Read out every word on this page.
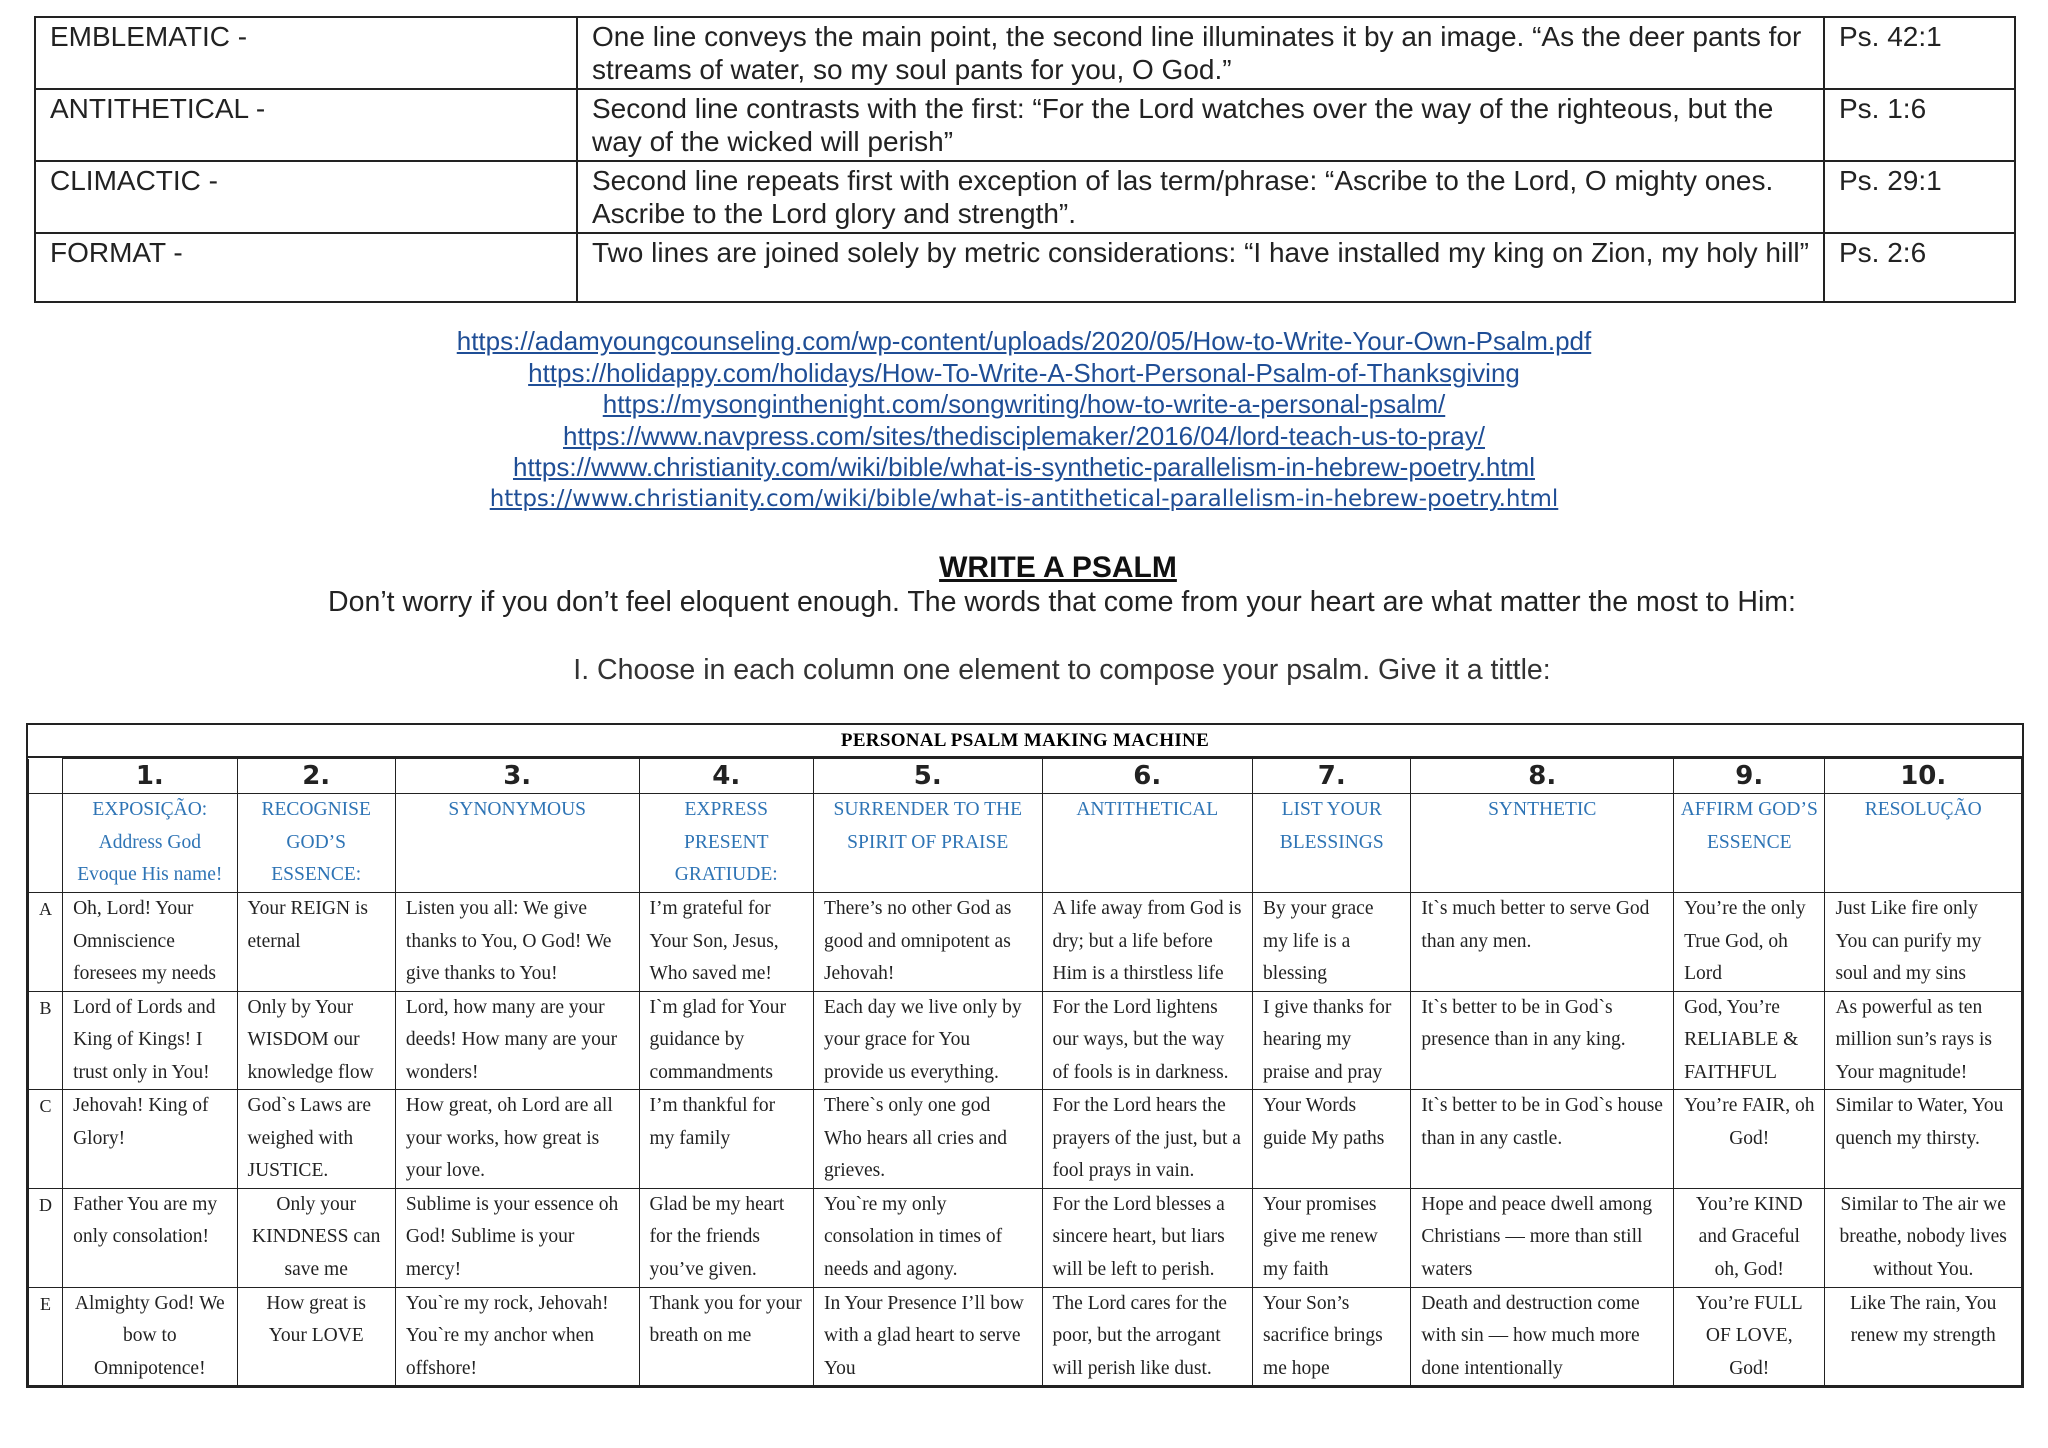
EMBLEMATIC -	One line conveys the main point, the second line illuminates it by an image. “As the deer pants for streams of water, so my soul pants for you, O God.”	Ps. 42:1
ANTITHETICAL -	Second line contrasts with the first: “For the Lord watches over the way of the righteous, but the way of the wicked will perish”	Ps. 1:6
CLIMACTIC -	Second line repeats first with exception of las term/phrase: “Ascribe to the Lord, O mighty ones. Ascribe to the Lord glory and strength”.	Ps. 29:1
FORMAT -	Two lines are joined solely by metric considerations: “I have installed my king on Zion, my holy hill”	Ps. 2:6
https://adamyoungcounseling.com/wp-content/uploads/2020/05/How-to-Write-Your-Own-Psalm.pdf
https://holidappy.com/holidays/How-To-Write-A-Short-Personal-Psalm-of-Thanksgiving
https://mysonginthenight.com/songwriting/how-to-write-a-personal-psalm/
https://www.navpress.com/sites/thedisciplemaker/2016/04/lord-teach-us-to-pray/
https://www.christianity.com/wiki/bible/what-is-synthetic-parallelism-in-hebrew-poetry.html
https://www.christianity.com/wiki/bible/what-is-antithetical-parallelism-in-hebrew-poetry.html
WRITE A PSALM
Don’t worry if you don’t feel eloquent enough. The words that come from your heart are what matter the most to Him:
I. Choose in each column one element to compose your psalm. Give it a tittle:
PERSONAL PSALM MAKING MACHINE
	1.	2.	3.	4.	5.	6.	7.	8.	9.	10.
	EXPOSIÇÃO: Address God Evoque His name!	RECOGNISE GOD’S ESSENCE:	SYNONYMOUS	EXPRESS PRESENT GRATIUDE:	SURRENDER TO THE SPIRIT OF PRAISE	ANTITHETICAL	LIST YOUR BLESSINGS	SYNTHETIC	AFFIRM GOD’S ESSENCE	RESOLUÇÃO
A	Oh, Lord! Your Omniscience foresees my needs	Your REIGN is eternal	Listen you all: We give thanks to You, O God! We give thanks to You!	I’m grateful for Your Son, Jesus, Who saved me!	There’s no other God as good and omnipotent as Jehovah!	A life away from God is dry; but a life before Him is a thirstless life	By your grace my life is a blessing	It`s much better to serve God than any men.	You’re the only True God, oh Lord	Just Like fire only You can purify my soul and my sins
B	Lord of Lords and King of Kings! I trust only in You!	Only by Your WISDOM our knowledge flow	Lord, how many are your deeds! How many are your wonders!	I`m glad for Your guidance by commandments	Each day we live only by your grace for You provide us everything.	For the Lord lightens our ways, but the way of fools is in darkness.	I give thanks for hearing my praise and pray	It`s better to be in God`s presence than in any king.	God, You’re RELIABLE & FAITHFUL	As powerful as ten million sun’s rays is Your magnitude!
C	Jehovah! King of Glory!	God`s Laws are weighed with JUSTICE.	How great, oh Lord are all your works, how great is your love.	I’m thankful for my family	There`s only one god Who hears all cries and grieves.	For the Lord hears the prayers of the just, but a fool prays in vain.	Your Words guide My paths	It`s better to be in God`s house than in any castle.	You’re FAIR, oh God!	Similar to Water, You quench my thirsty.
D	Father You are my only consolation!	Only your KINDNESS can save me	Sublime is your essence oh God! Sublime is your mercy!	Glad be my heart for the friends you’ve given.	You`re my only consolation in times of needs and agony.	For the Lord blesses a sincere heart, but liars will be left to perish.	Your promises give me renew my faith	Hope and peace dwell among Christians — more than still waters	You’re KIND and Graceful oh, God!	Similar to The air we breathe, nobody lives without You.
E	Almighty God! We bow to Omnipotence!	How great is Your LOVE	You`re my rock, Jehovah! You`re my anchor when offshore!	Thank you for your breath on me	In Your Presence I’ll bow with a glad heart to serve You	The Lord cares for the poor, but the arrogant will perish like dust.	Your Son’s sacrifice brings me hope	Death and destruction come with sin — how much more done intentionally	You’re FULL OF LOVE, God!	Like The rain, You renew my strength
